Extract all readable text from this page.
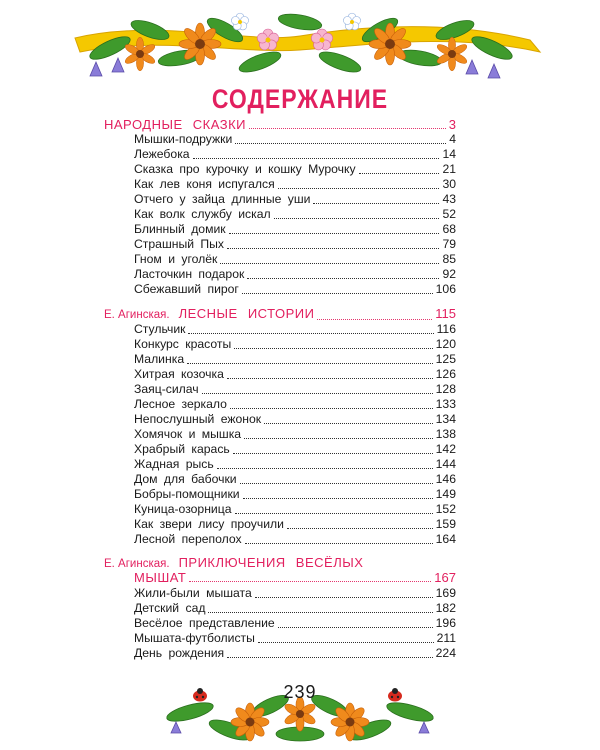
СОДЕРЖАНИЕ
НАРОДНЫЕ СКАЗКИ	3
Мышки-подружки	4
Лежебока	14
Сказка про курочку и кошку Мурочку	21
Как лев коня испугался	30
Отчего у зайца длинные уши	43
Как волк службу искал	52
Блинный домик	68
Страшный Пых	79
Гном и уголёк	85
Ласточкин подарок	92
Сбежавший пирог	106
Е. Агинская. ЛЕСНЫЕ ИСТОРИИ	115
Стульчик	116
Конкурс красоты	120
Малинка	125
Хитрая козочка	126
Заяц-силач	128
Лесное зеркало	133
Непослушный ежонок	134
Хомячок и мышка	138
Храбрый карась	142
Жадная рысь	144
Дом для бабочки	146
Бобры-помощники	149
Куница-озорница	152
Как звери лису проучили	159
Лесной переполох	164
Е. Агинская. ПРИКЛЮЧЕНИЯ ВЕСЁЛЫХ
МЫШАТ	167
Жили-были мышата	169
Детский сад	182
Весёлое представление	196
Мышата-футболисты	211
День рождения	224
239
